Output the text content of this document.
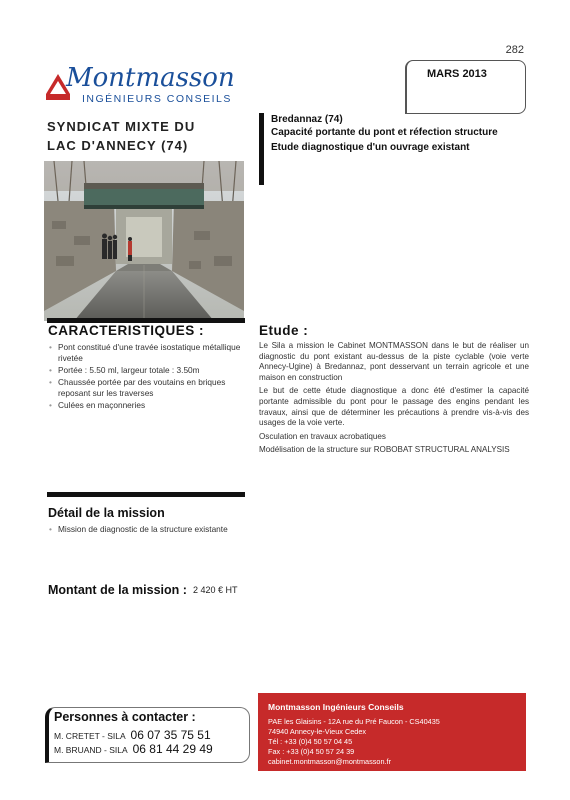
282
Montmasson
INGÉNIEURS CONSEILS
MARS 2013
SYNDICAT MIXTE DU
LAC D'ANNECY (74)
Bredannaz (74)
Capacité portante du pont et réfection structure
Etude diagnostique d'un ouvrage existant
CARACTERISTIQUES :
• Pont constitué d'une travée isostatique métallique rivetée
• Portée : 5.50 ml, largeur totale : 3.50m
• Chaussée portée par des voutains en briques reposant sur les traverses
• Culées en maçonneries
Etude :

Le Sila a mission le Cabinet MONTMASSON dans le but de réaliser un diagnostic du pont existant au-dessus de la piste cyclable (voie verte Annecy-Ugine) à Bredannaz, pont desservant un terrain agricole et une maison en construction

Le but de cette étude diagnostique a donc été d'estimer la capacité portante admissible du pont pour le passage des engins pendant les travaux, ainsi que de déterminer les précautions à prendre vis-à-vis des usages de la voie verte.

Osculation en travaux acrobatiques

Modélisation de la structure sur ROBOBAT STRUCTURAL ANALYSIS

Détail de la mission
• Mission de diagnostic de la structure existante
Montant de la mission : 2 420 € HT
Personnes à contacter :
M. CRETET - SILA 06 07 35 75 51
M. BRUAND - SILA 06 81 44 29 49
Montmasson Ingénieurs Conseils
PAE les Glaisins - 12A rue du Pré Faucon - CS40435
74940 Annecy-le-Vieux Cedex
Tél : +33 (0)4 50 57 04 45
Fax : +33 (0)4 50 57 24 39
cabinet.montmasson@montmasson.fr
